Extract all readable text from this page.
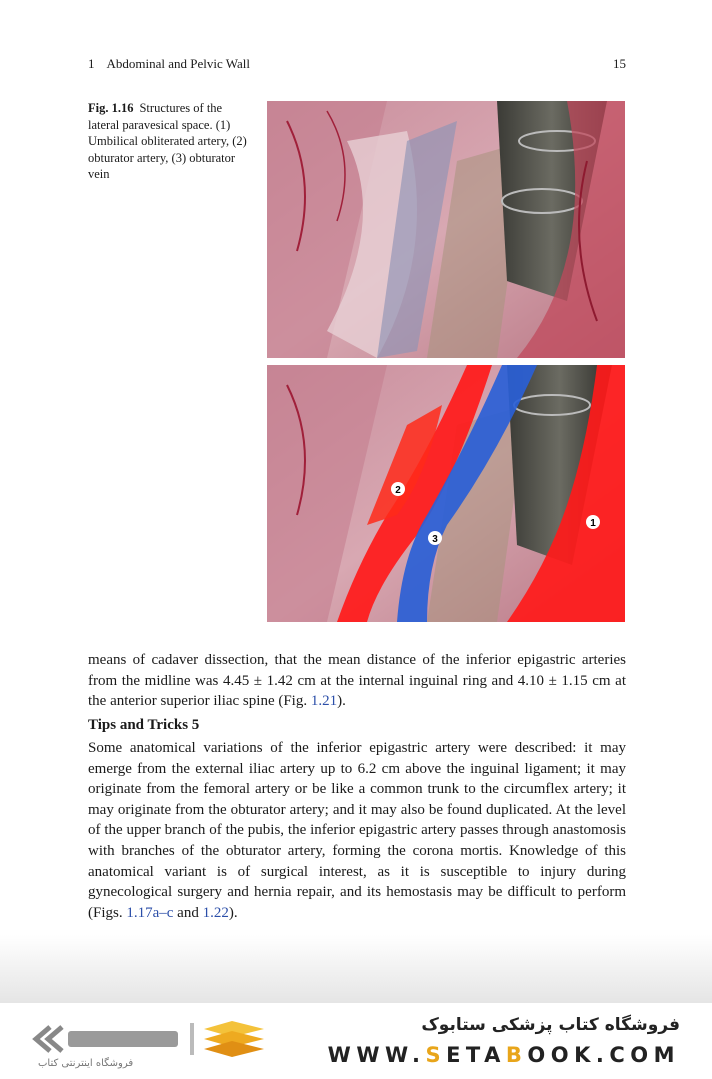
1 Abdominal and Pelvic Wall	15
Fig. 1.16 Structures of the lateral paravesical space. (1) Umbilical obliterated artery, (2) obturator artery, (3) obturator vein
2
3
1
means of cadaver dissection, that the mean distance of the inferior epigastric arteries from the midline was 4.45 ± 1.42 cm at the internal inguinal ring and 4.10 ± 1.15 cm at the anterior superior iliac spine (Fig. 1.21).
Tips and Tricks 5
Some anatomical variations of the inferior epigastric artery were described: it may emerge from the external iliac artery up to 6.2 cm above the inguinal ligament; it may originate from the femoral artery or be like a common trunk to the circumflex artery; it may originate from the obturator artery; and it may also be found duplicated. At the level of the upper branch of the pubis, the inferior epigastric artery passes through anastomosis with branches of the obturator artery, forming the corona mortis. Knowledge of this anatomical variant is of surgical interest, as it is susceptible to injury during gynecological surgery and hernia repair, and its hemostasis may be difficult to perform (Figs. 1.17a–c and 1.22).
فروشگاه اینترنتی کتاب
فروشگاه کتاب پزشکی ستابوک
WWW.SETABOOK.COM
